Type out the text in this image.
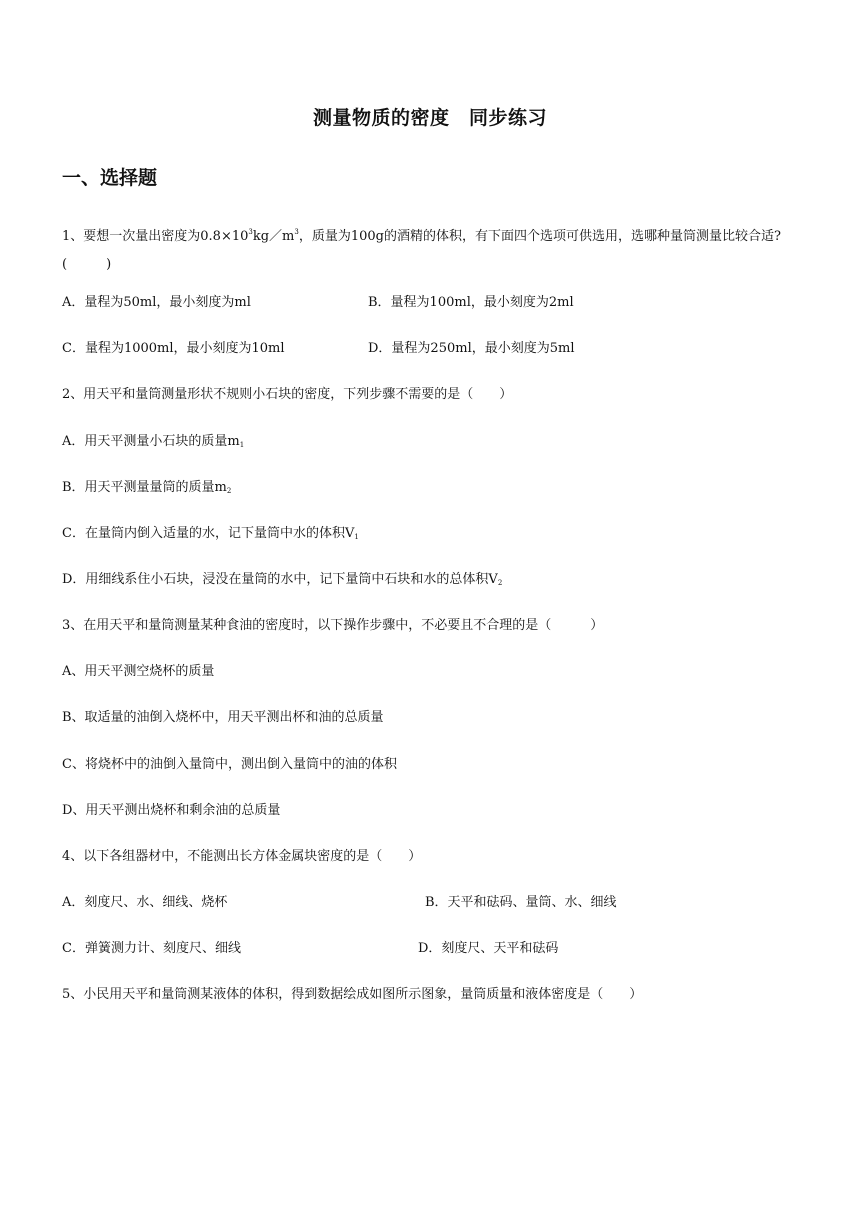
测量物质的密度　同步练习
一、选择题
1、要想一次量出密度为$0.8\times 10^3kg/m^3$，质量为100g的酒精的体积，有下面四个选项可供选用，选哪种量筒测量比较合适?(　　　)
A．量程为50ml，最小刻度为ml	B．量程为100ml，最小刻度为2ml
C．量程为1000ml，最小刻度为10ml	D．量程为250ml，最小刻度为5ml
2、用天平和量筒测量形状不规则小石块的密度，下列步骤不需要的是（　　）
A．用天平测量小石块的质量$m_1$
B．用天平测量量筒的质量$m_2$
C．在量筒内倒入适量的水，记下量筒中水的体积$V_1$
D．用细线系住小石块，浸没在量筒的水中，记下量筒中石块和水的总体积$V_2$
3、在用天平和量筒测量某种食油的密度时，以下操作步骤中，不必要且不合理的是（　　　）
A、用天平测空烧杯的质量
B、取适量的油倒入烧杯中，用天平测出杯和油的总质量
C、将烧杯中的油倒入量筒中，测出倒入量筒中的油的体积
D、用天平测出烧杯和剩余油的总质量
4、以下各组器材中，不能测出长方体金属块密度的是（　　）
A．刻度尺、水、细线、烧杯	B．天平和砝码、量筒、水、细线
C．弹簧测力计、刻度尺、细线	D．刻度尺、天平和砝码
5、小民用天平和量筒测某液体的体积，得到数据绘成如图所示图象，量筒质量和液体密度是（　　）
